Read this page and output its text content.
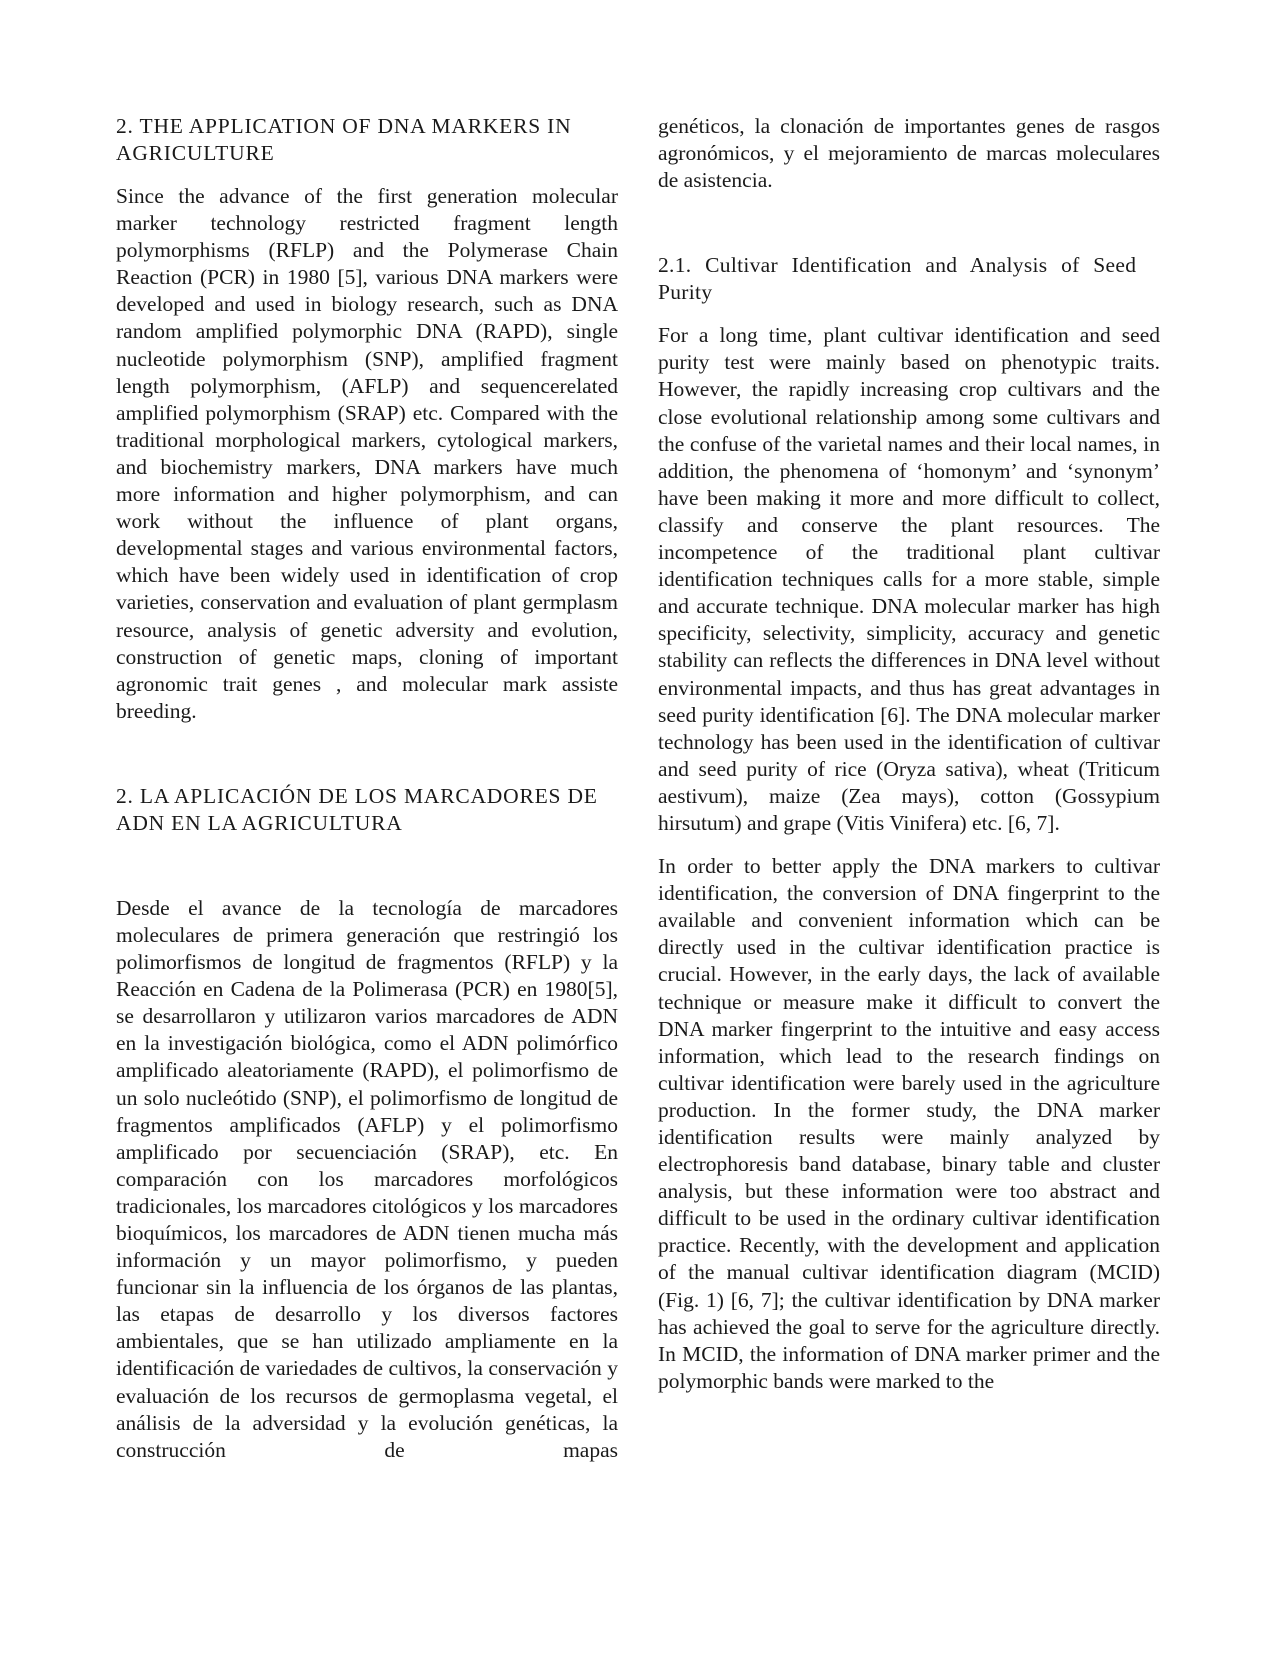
2. THE APPLICATION OF DNA MARKERS IN AGRICULTURE

Since the advance of the first generation molecular marker technology restricted fragment length polymorphisms (RFLP) and the Polymerase Chain Reaction (PCR) in 1980 [5], various DNA markers were developed and used in biology research, such as DNA random amplified polymorphic DNA (RAPD), single nucleotide polymorphism (SNP), amplified fragment length polymorphism, (AFLP) and sequencerelated amplified polymorphism (SRAP) etc. Compared with the traditional morphological markers, cytological markers, and biochemistry markers, DNA markers have much more information and higher polymorphism, and can work without the influence of plant organs, developmental stages and various environmental factors, which have been widely used in identification of crop varieties, conservation and evaluation of plant germplasm resource, analysis of genetic adversity and evolution, construction of genetic maps, cloning of important agronomic trait genes , and molecular mark assiste breeding.

2. LA APLICACIÓN DE LOS MARCADORES DE ADN EN LA AGRICULTURA

Desde el avance de la tecnología de marcadores moleculares de primera generación que restringió los polimorfismos de longitud de fragmentos (RFLP) y la Reacción en Cadena de la Polimerasa (PCR) en 1980[5], se desarrollaron y utilizaron varios marcadores de ADN en la investigación biológica, como el ADN polimórfico amplificado aleatoriamente (RAPD), el polimorfismo de un solo nucleótido (SNP), el polimorfismo de longitud de fragmentos amplificados (AFLP) y el polimorfismo amplificado por secuenciación (SRAP), etc. En comparación con los marcadores morfológicos tradicionales, los marcadores citológicos y los marcadores bioquímicos, los marcadores de ADN tienen mucha más información y un mayor polimorfismo, y pueden funcionar sin la influencia de los órganos de las plantas, las etapas de desarrollo y los diversos factores ambientales, que se han utilizado ampliamente en la identificación de variedades de cultivos, la conservación y evaluación de los recursos de germoplasma vegetal, el análisis de la adversidad y la evolución genéticas, la construcción de mapas

genéticos, la clonación de importantes genes de rasgos agronómicos, y el mejoramiento de marcas moleculares de asistencia.

2.1. Cultivar Identification and Analysis of Seed Purity

For a long time, plant cultivar identification and seed purity test were mainly based on phenotypic traits. However, the rapidly increasing crop cultivars and the close evolutional relationship among some cultivars and the confuse of the varietal names and their local names, in addition, the phenomena of ‘homonym’ and ‘synonym’ have been making it more and more difficult to collect, classify and conserve the plant resources. The incompetence of the traditional plant cultivar identification techniques calls for a more stable, simple and accurate technique. DNA molecular marker has high specificity, selectivity, simplicity, accuracy and genetic stability can reflects the differences in DNA level without environmental impacts, and thus has great advantages in seed purity identification [6]. The DNA molecular marker technology has been used in the identification of cultivar and seed purity of rice (Oryza sativa), wheat (Triticum aestivum), maize (Zea mays), cotton (Gossypium hirsutum) and grape (Vitis Vinifera) etc. [6, 7].

In order to better apply the DNA markers to cultivar identification, the conversion of DNA fingerprint to the available and convenient information which can be directly used in the cultivar identification practice is crucial. However, in the early days, the lack of available technique or measure make it difficult to convert the DNA marker fingerprint to the intuitive and easy access information, which lead to the research findings on cultivar identification were barely used in the agriculture production. In the former study, the DNA marker identification results were mainly analyzed by electrophoresis band database, binary table and cluster analysis, but these information were too abstract and difficult to be used in the ordinary cultivar identification practice. Recently, with the development and application of the manual cultivar identification diagram (MCID) (Fig. 1) [6, 7]; the cultivar identification by DNA marker has achieved the goal to serve for the agriculture directly. In MCID, the information of DNA marker primer and the polymorphic bands were marked to the
